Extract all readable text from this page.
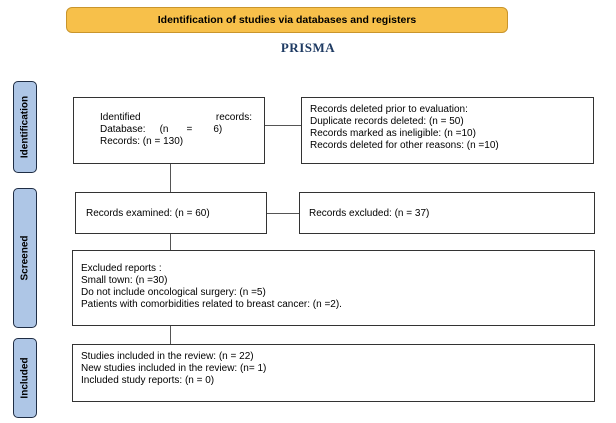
Identification of studies via databases and registers
PRISMA
Identification
Screened
Included
Identified	records:
Database: (n = 6)
Records: (n = 130)
Records deleted prior to evaluation:
Duplicate records deleted: (n = 50)
Records marked as ineligible: (n =10)
Records deleted for other reasons: (n =10)
Records examined: (n = 60)	Records excluded: (n = 37)
Excluded reports :
Small town: (n =30)
Do not include oncological surgery: (n =5)
Patients with comorbidities related to breast cancer: (n =2).
Studies included in the review: (n = 22)
New studies included in the review: (n= 1)
Included study reports: (n = 0)
